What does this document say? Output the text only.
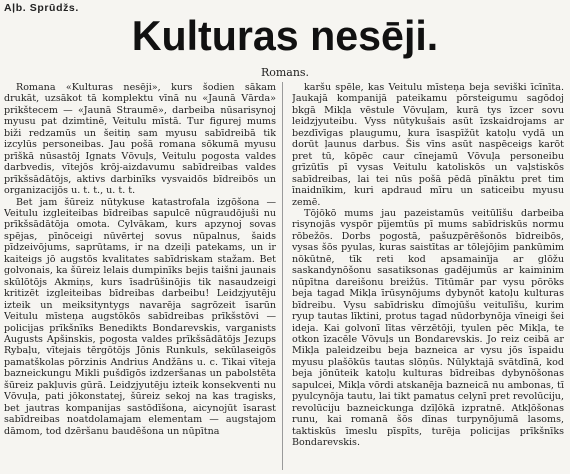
Aļb. Sprūdžs.
Kulturas nesēji.
Romans.

Romana «Kulturas nesēji», kurs šodien sākam drukāt, uzsākot tā komplektu vīnā nu «Jaunā Vārda» prikštecem — «Jaunā Straumē», darbeiba nūsarisynoj myusu pat dzimtinē, Veitulu mīstā. Tur figurej mums biži redzamūs un šeitiņ sam myusu sabīdreibā tik izcylūs personeibas. Jau pošā romana sōkumā myusu prīškā nūsastōj Ignats Vōvuļs, Veitulu pogosta valdes darbvedis, vītejōs krōj-aizdavumu sabīdreibas valdes prīkšsādātōjs, aktivs darbinīks vysvaidōs bīdreibōs un organizacijōs u. t. t., u. t. t.

Bet jam šūreiz nūtykuse katastrofala izgōšona — Veitulu izgleiteibas bīdreibas sapulcē nūgraudōjuši nu prīkšsādātōja omota. Cylvākam, kurs apzynoj sovas spējas, pīnōceigi nūvērtej sovus nūpalnus, šaids pīdzeivōjums, saprūtams, ir na dzeiļi patekams, un ir kaiteigs jō augstōs kvalitates sabīdriskam stažam. Bet golvonais, ka šūreiz lelais dumpinīks bejis taišni jaunais skūlōtōjs Akmiņs, kurs īsadrūšinōjis tik nasaudzeigi kritizēt izgleiteibas bīdreibas darbeibu! Leidzjyutēju izteik un meiksityntygs navarēja sagrōzeit īsarūn Veitulu mīsteņa augstōkōs sabīdreibas prīkšstōvi — policijas prīkšnīks Benedikts Bondarevskis, varganists Augusts Apšinskis, pogosta valdes prīkšsādātōjs Jezups Rybaļu, vītejais tērgōtōjs Jōnis Runkuls, sekūlaseigōs pamatškolas pōrzinis Andrius Andžāns u. c. Tikai vīteja bazneickungu Mikli pušdīgōs izdzeršanas un pabolstēta šūreiz pakļuvis gūrā. Leidzjyutēju izteik konsekventi nu Vōvuļa, pati jōkonstatej, šūreiz sekoj na kas tragisks, bet jautras kompanijas sastōdīšona, aicynojūt īsarast sabīdreibas noatdolamajam elementam — augstajom dāmom, tod dzēršanu baudēšona un nūpītna

karšu spēle, kas Veitulu mīsteņa beja seviški īcīnīta. Jaukajā kompanijā pateikamu pōrsteigumu sagōdoj bkgā Mikļa vēstule Vōvuļam, kurā tys īzcer sovu leidzjyuteibu. Vyss nūtykušais asūt īzskaidrojams ar bezdīvīgas plaugumu, kura īsaspīžūt katoļu vydā un dorūt ļaunus darbus. Šis vīns asūt naspēceigs karōt pret tū, kōpēc caur cīnejamū Vōvuļa personeibu grīzūtīs pī vysas Veitulu katoliskōs un vaļstiskōs sabīdreibas, lai tei nūs pošā pēdā pīnāktu pret tim īnaidnīkim, kuri apdraud mīru un saticeibu myusu zemē.

Tōjōkō mums jau pazeistamūs veitūlīšu darbeiba risynojās vyspōr pījemtūs pī mums sabīdriskūs normu rōbežōs. Dorbs pogostā, pašuzpērēšonōs bīdreibōs, vysas šōs pyulas, kuras saistītas ar tōlejōjim pankūmim nōkūtnē, tīk reti kod apsamainīja ar glōžu saskandynōšonu sasatiksonas gadējumūs ar kaiminim nūpītna dareišonu breižūs. Tītūmār par vysu pōrōks beja tagad Mikļa īrūsynōjums dybynōt katoļu kulturas bīdreibu. Vysu sabīdrisku dīmojūšu veitulīšu, kurim ryup tautas līktini, protus tagad nūdorbynōja vīneigi šei ideja. Kai golvonī lītas vērzētōji, tyulen pēc Mikļa, te otkon īzacēle Vōvuļs un Bondarevskis. Jo reiz ceibā ar Mikļa paleidzeibu beja bazneica ar vysu jōs īspaidu myusu plašōkūs tautas slōņūs. Nūlyktajā svātdīnā, kod beja jōnūteik katoļu kulturas bīdreibas dybynōšonas sapulcei, Mikļa vōrdi atskanēja bazneicā nu ambonas, tī pyulcynōja tautu, lai tikt pamatus celynī pret revolūciju, revolūciju bazneickunga dzīļōkā izpratnē. Atkļōšonas runu, kai romanā šōs dīnas turpynōjumā lasoms, taktiskūs īmeslu pīspīts, turēja policijas prīkšnīks Bondarevskis.
